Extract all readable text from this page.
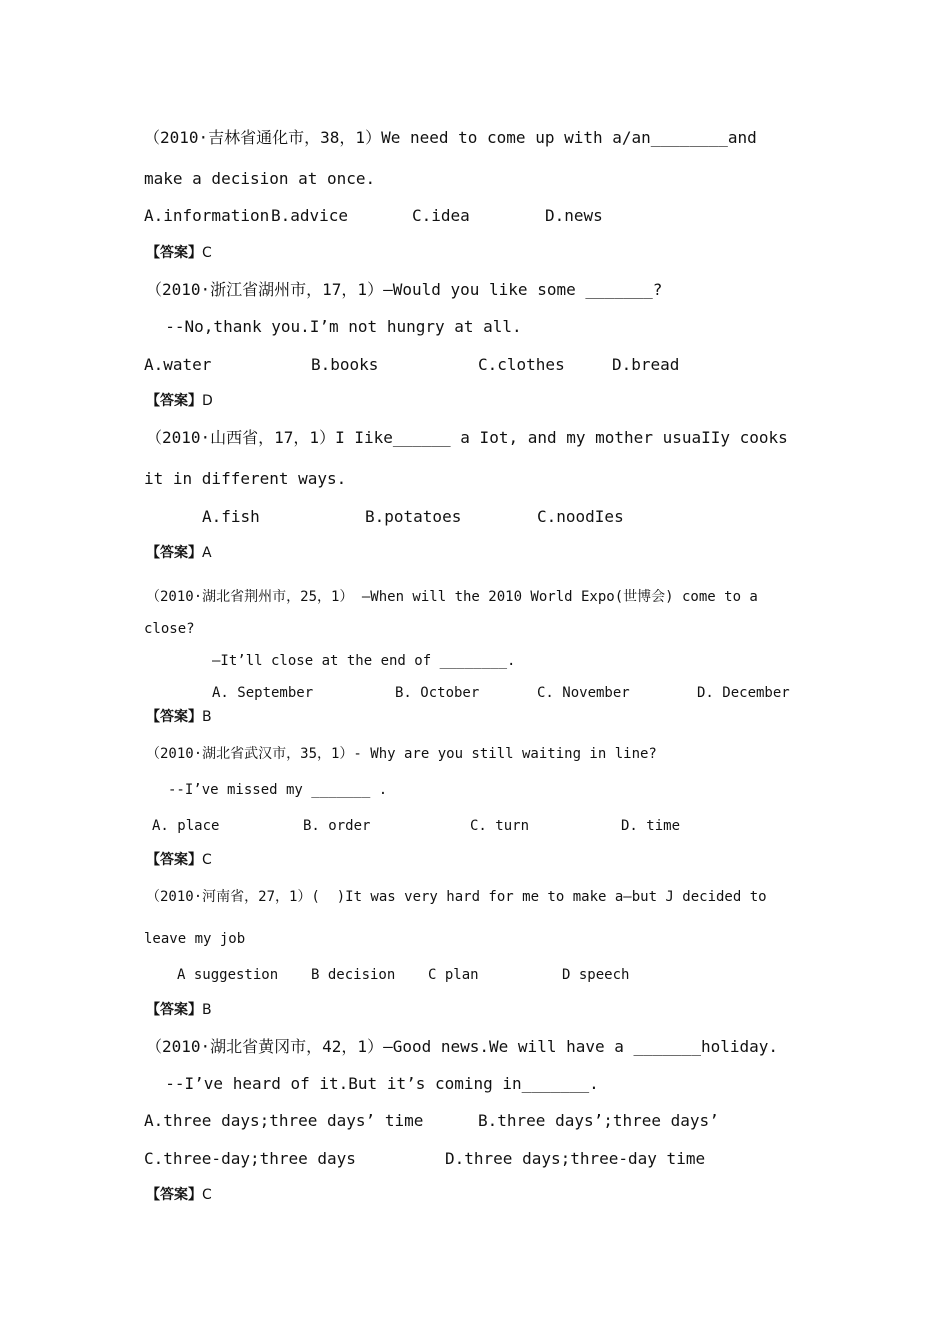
（2010·吉林省通化市，38，1）We need to come up with a/an________and
make a decision at once.
A.information B.advice	C.idea	D.news
【答案】C
（2010·浙江省湖州市，17，1）—Would you like some _______?
--No,thank you.I’m not hungry at all.
A.water	B.books	C.clothes	D.bread
【答案】D
（2010·山西省，17，1）I Iike______ a Iot, and my mother usuaIIy cooks
it in different ways.
A.fish	B.potatoes	C.noodIes
【答案】A
（2010·湖北省荆州市，25，1） —When will the 2010 World Expo(世博会) come to a
close?
—It’ll close at the end of ________.
A. September	B. October	C. November	D. December
【答案】B
（2010·湖北省武汉市，35，1）- Why are you still waiting in line?
--I’ve missed my _______ .
A. place	B. order	C. turn	D. time
【答案】C
（2010·河南省，27，1）(  )It was very hard for me to make a—but J decided to
leave my job
A suggestion B decision C plan	D speech
【答案】B
（2010·湖北省黄冈市，42，1）—Good news.We will have a _______holiday.
--I’ve heard of it.But it’s coming in_______.
A.three days;three days’ time	B.three days’;three days’
C.three-day;three days	D.three days;three-day time
【答案】C
